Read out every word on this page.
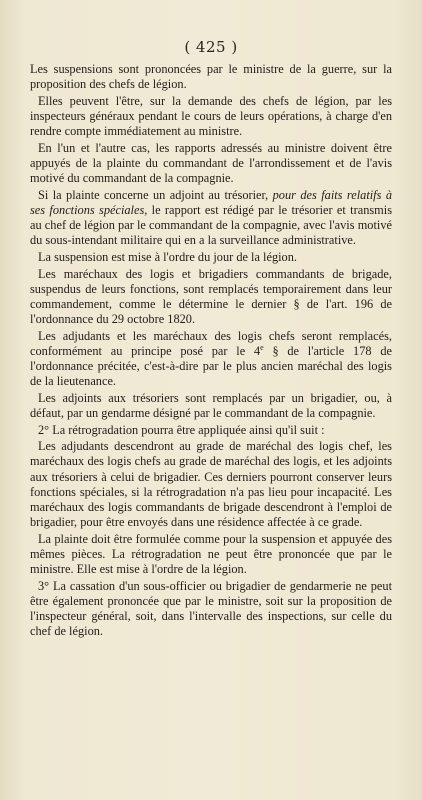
( 425 )

Les suspensions sont prononcées par le ministre de la guerre, sur la proposition des chefs de légion.

Elles peuvent l'être, sur la demande des chefs de légion, par les inspecteurs généraux pendant le cours de leurs opérations, à charge d'en rendre compte immédiatement au ministre.

En l'un et l'autre cas, les rapports adressés au ministre doivent être appuyés de la plainte du commandant de l'arrondissement et de l'avis motivé du commandant de la compagnie.

Si la plainte concerne un adjoint au trésorier, pour des faits relatifs à ses fonctions spéciales, le rapport est rédigé par le trésorier et transmis au chef de légion par le commandant de la compagnie, avec l'avis motivé du sous-intendant militaire qui en a la surveillance administrative.

La suspension est mise à l'ordre du jour de la légion.

Les maréchaux des logis et brigadiers commandants de brigade, suspendus de leurs fonctions, sont remplacés temporairement dans leur commandement, comme le détermine le dernier § de l'art. 196 de l'ordonnance du 29 octobre 1820.

Les adjudants et les maréchaux des logis chefs seront remplacés, conformément au principe posé par le 4e § de l'article 178 de l'ordonnance précitée, c'est-à-dire par le plus ancien maréchal des logis de la lieutenance.

Les adjoints aux trésoriers sont remplacés par un brigadier, ou, à défaut, par un gendarme désigné par le commandant de la compagnie.

2° La rétrogradation pourra être appliquée ainsi qu'il suit :

Les adjudants descendront au grade de maréchal des logis chef, les maréchaux des logis chefs au grade de maréchal des logis, et les adjoints aux trésoriers à celui de brigadier. Ces derniers pourront conserver leurs fonctions spéciales, si la rétrogradation n'a pas lieu pour incapacité. Les maréchaux des logis commandants de brigade descendront à l'emploi de brigadier, pour être envoyés dans une résidence affectée à ce grade.

La plainte doit être formulée comme pour la suspension et appuyée des mêmes pièces. La rétrogradation ne peut être prononcée que par le ministre. Elle est mise à l'ordre de la légion.

3° La cassation d'un sous-officier ou brigadier de gendarmerie ne peut être également prononcée que par le ministre, soit sur la proposition de l'inspecteur général, soit, dans l'intervalle des inspections, sur celle du chef de légion.
